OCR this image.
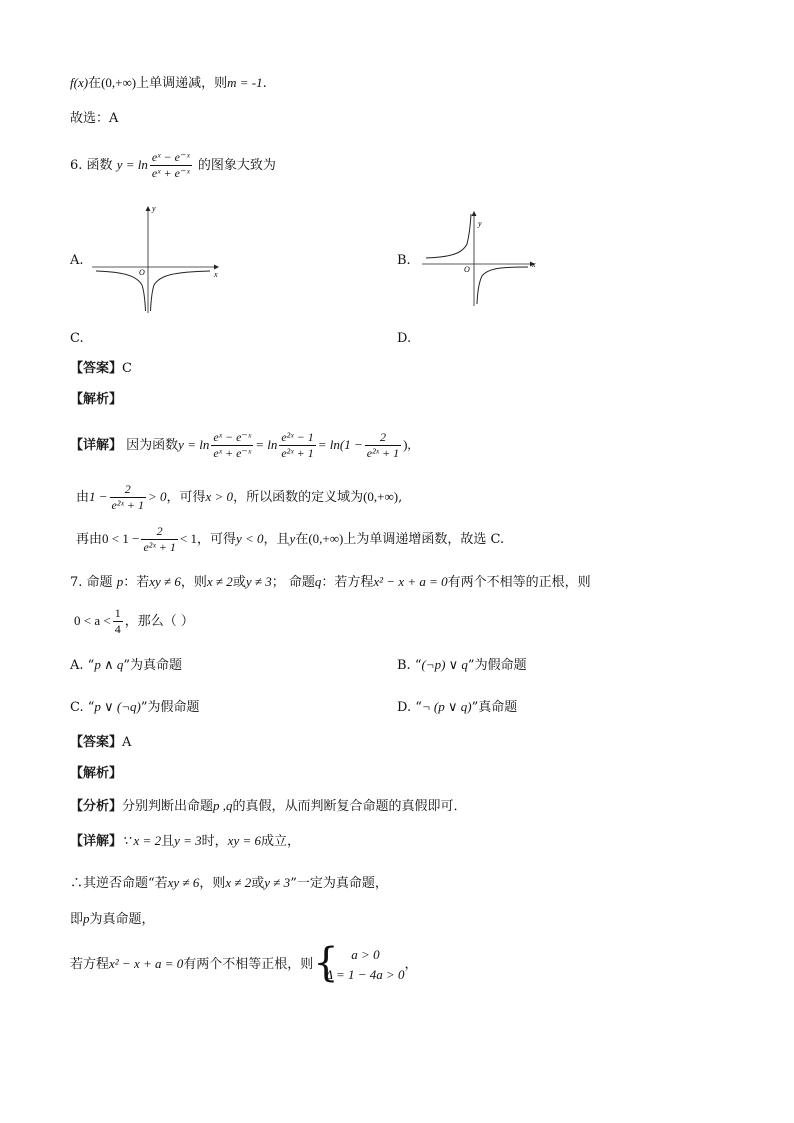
f(x)在(0,+∞)上单调递减，则m = -1.
故选：A
6. 函数 $y = \ln \frac{\text{eˣ − e⁻ˣ}}{\text{eˣ + e⁻ˣ}}$ 的图象大致为
A.	B.
C.	D.
y
x
O
y
x
O
【答案】C
【解析】
【详解】 因为函数$y = \ln \frac{\text{eˣ − e⁻ˣ}}{\text{eˣ + e⁻ˣ}} = \ln \frac{\text{e²ˣ − 1}}{\text{e²ˣ + 1}} = \ln(1 - \frac{2}{\text{e²ˣ + 1}}$ ),
由$1 - \frac{2}{\text{e²ˣ + 1}} > 0$，可得x > 0，所以函数的定义域为(0,+∞),
再由$0 < 1 - \frac{2}{\text{e²ˣ + 1}} < 1$，可得y < 0，且y在(0,+∞)上为单调递增函数，故选 C.
7. 命题 p：若xy ≠ 6，则x ≠ 2或y ≠ 3； 命题q：若方程x² − x + a = 0有两个不相等的正根，则
$0 < a < \frac{1}{4}$ ，那么（ ）
A. “p ∧ q”为真命题	B. “(¬p) ∨ q”为假命题
C. “p ∨ (¬q)”为假命题	D. “¬ (p ∨ q)”真命题
【答案】A
【解析】
【分析】分别判断出命题p ,q的真假，从而判断复合命题的真假即可．
【详解】∵ x = 2且y = 3时，xy = 6成立，
∴其逆否命题“若xy ≠ 6，则x ≠ 2或y ≠ 3”一定为真命题，
即p为真命题，
若方程x² − x + a = 0有两个不相等正根，则 { a > 0
Δ = 1 − 4a > 0
，
